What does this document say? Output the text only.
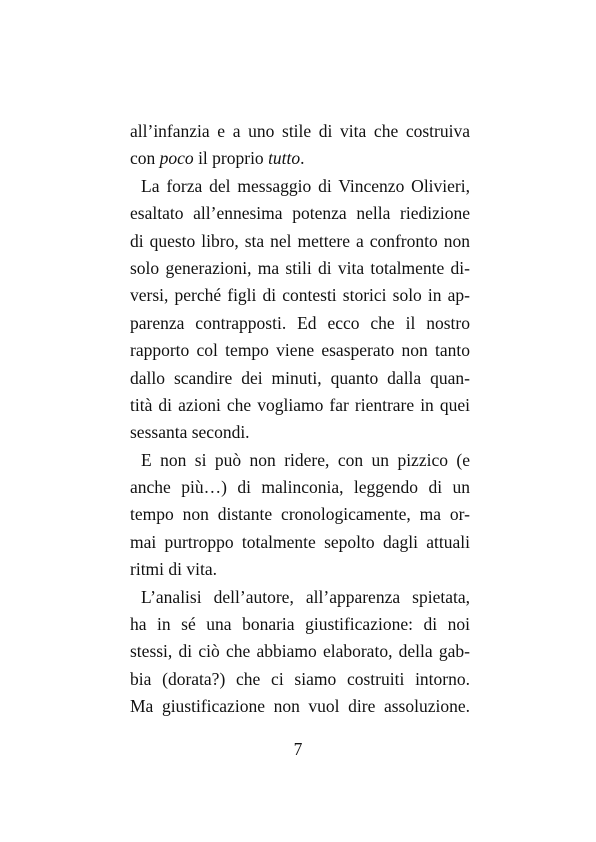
all’infanzia e a uno stile di vita che costruiva
con poco il proprio tutto.
La forza del messaggio di Vincenzo Olivieri,
esaltato all’ennesima potenza nella riedizione
di questo libro, sta nel mettere a confronto non
solo generazioni, ma stili di vita totalmente di-
versi, perché figli di contesti storici solo in ap-
parenza contrapposti. Ed ecco che il nostro
rapporto col tempo viene esasperato non tanto
dallo scandire dei minuti, quanto dalla quan-
tità di azioni che vogliamo far rientrare in quei
sessanta secondi.
E non si può non ridere, con un pizzico (e
anche più…) di malinconia, leggendo di un
tempo non distante cronologicamente, ma or-
mai purtroppo totalmente sepolto dagli attuali
ritmi di vita.
L’analisi dell’autore, all’apparenza spietata,
ha in sé una bonaria giustificazione: di noi
stessi, di ciò che abbiamo elaborato, della gab-
bia (dorata?) che ci siamo costruiti intorno.
Ma giustificazione non vuol dire assoluzione.
7
